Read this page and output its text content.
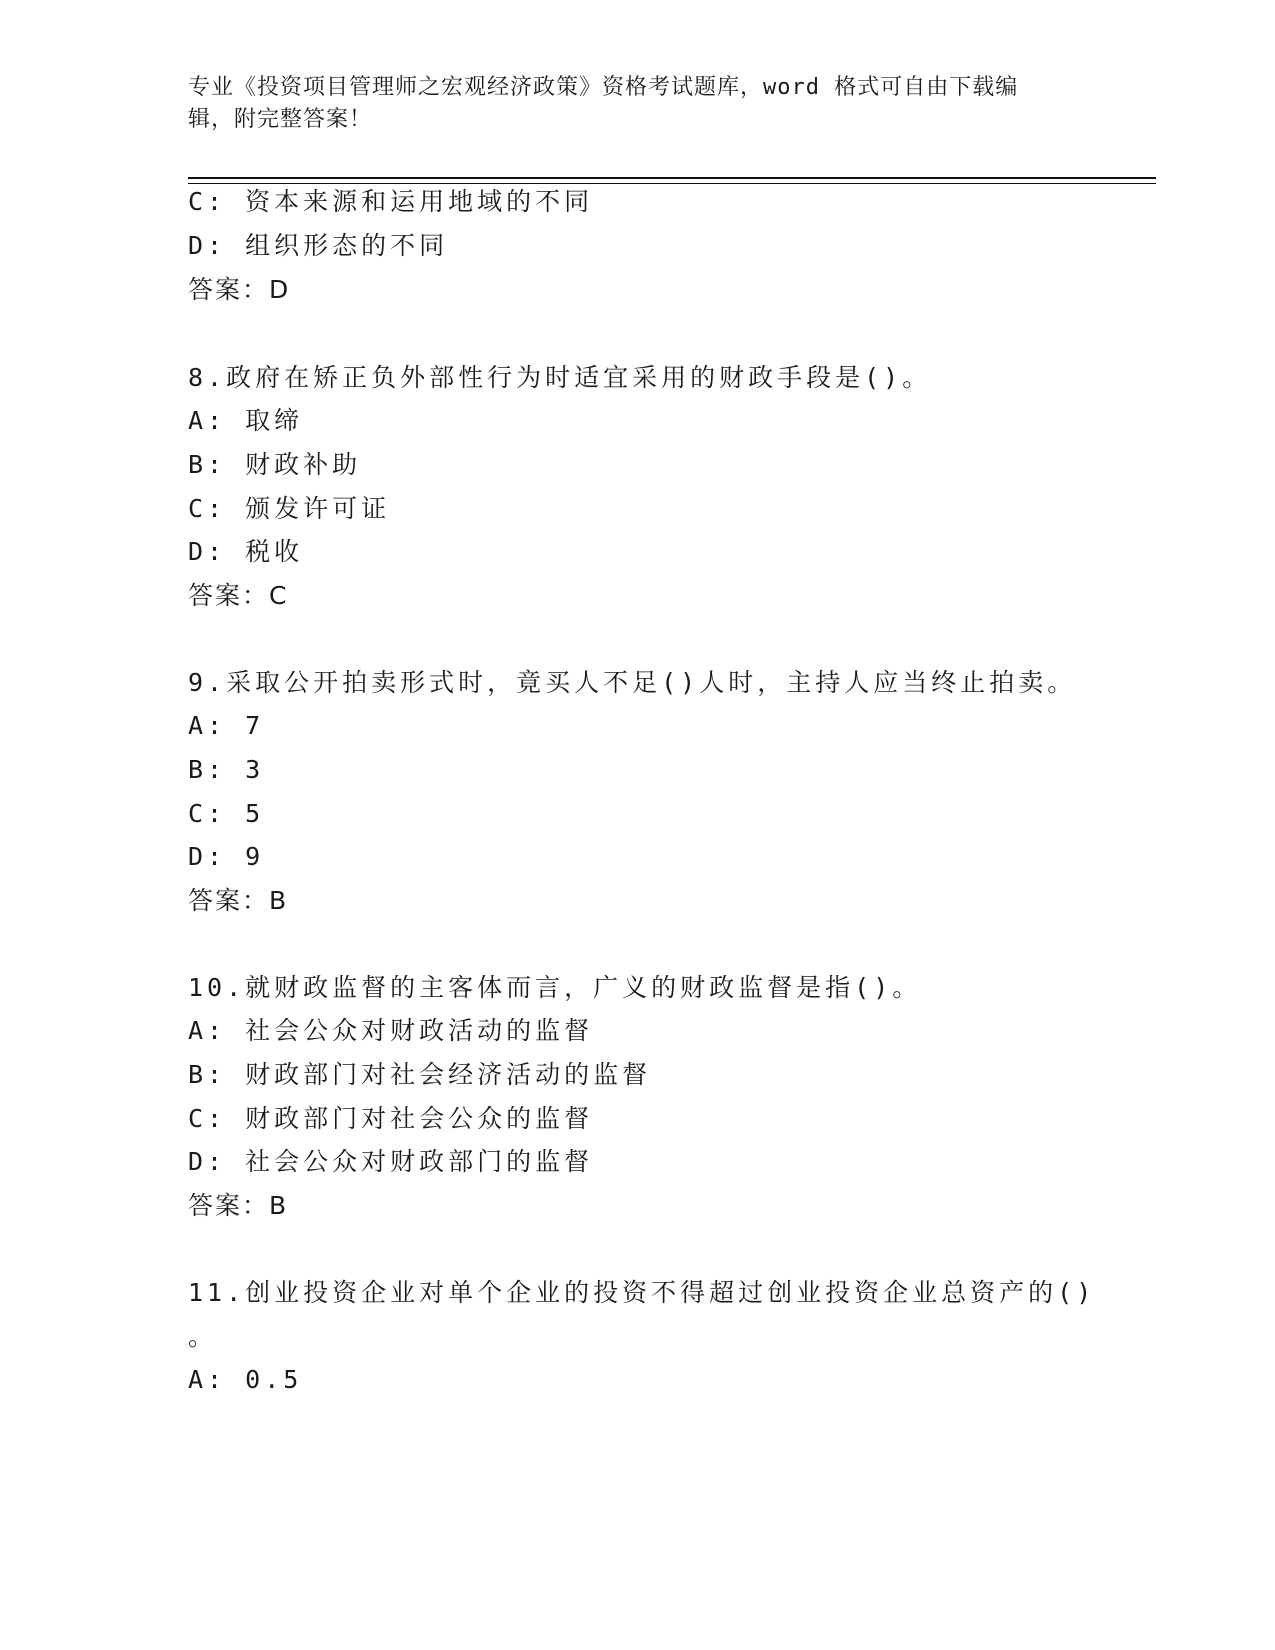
专业《投资项目管理师之宏观经济政策》资格考试题库，word 格式可自由下载编
辑，附完整答案！
C: 资本来源和运用地域的不同
D: 组织形态的不同
答案：D
8.政府在矫正负外部性行为时适宜采用的财政手段是()。
A: 取缔
B: 财政补助
C: 颁发许可证
D: 税收
答案：C
9.采取公开拍卖形式时，竟买人不足()人时，主持人应当终止拍卖。
A: 7
B: 3
C: 5
D: 9
答案：B
10.就财政监督的主客体而言，广义的财政监督是指()。
A: 社会公众对财政活动的监督
B: 财政部门对社会经济活动的监督
C: 财政部门对社会公众的监督
D: 社会公众对财政部门的监督
答案：B
11.创业投资企业对单个企业的投资不得超过创业投资企业总资产的()
。
A: 0.5
